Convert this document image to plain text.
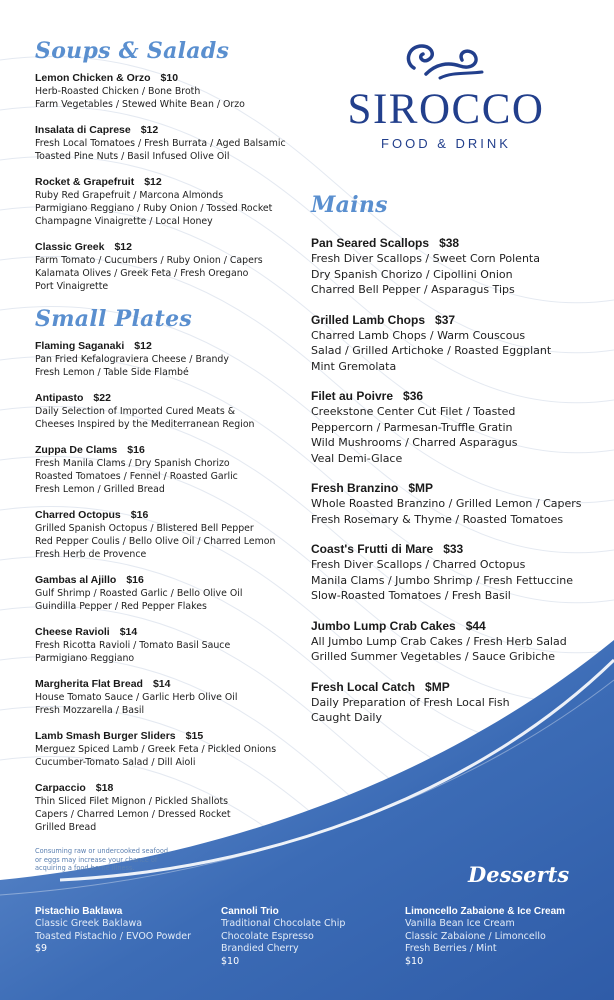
SIROCCO
FOOD & DRINK
Soups & Salads
Lemon Chicken & Orzo $10
Herb-Roasted Chicken / Bone Broth
Farm Vegetables / Stewed White Bean / Orzo
Insalata di Caprese $12
Fresh Local Tomatoes / Fresh Burrata / Aged Balsamic
Toasted Pine Nuts / Basil Infused Olive Oil
Rocket & Grapefruit $12
Ruby Red Grapefruit / Marcona Almonds
Parmigiano Reggiano / Ruby Onion / Tossed Rocket
Champagne Vinaigrette / Local Honey
Classic Greek $12
Farm Tomato / Cucumbers / Ruby Onion / Capers
Kalamata Olives / Greek Feta / Fresh Oregano
Port Vinaigrette
Small Plates
Flaming Saganaki $12
Pan Fried Kefalograviera Cheese / Brandy
Fresh Lemon / Table Side Flambé
Antipasto $22
Daily Selection of Imported Cured Meats &
Cheeses Inspired by the Mediterranean Region
Zuppa De Clams $16
Fresh Manila Clams / Dry Spanish Chorizo
Roasted Tomatoes / Fennel / Roasted Garlic
Fresh Lemon / Grilled Bread
Charred Octopus $16
Grilled Spanish Octopus / Blistered Bell Pepper
Red Pepper Coulis / Bello Olive Oil / Charred Lemon
Fresh Herb de Provence
Gambas al Ajillo $16
Gulf Shrimp / Roasted Garlic / Bello Olive Oil
Guindilla Pepper / Red Pepper Flakes
Cheese Ravioli $14
Fresh Ricotta Ravioli / Tomato Basil Sauce
Parmigiano Reggiano
Margherita Flat Bread $14
House Tomato Sauce / Garlic Herb Olive Oil
Fresh Mozzarella / Basil
Lamb Smash Burger Sliders $15
Merguez Spiced Lamb / Greek Feta / Pickled Onions
Cucumber-Tomato Salad / Dill Aioli
Carpaccio $18
Thin Sliced Filet Mignon / Pickled Shallots
Capers / Charred Lemon / Dressed Rocket
Grilled Bread
Consuming raw or undercooked seafood
or eggs may increase your chance of
acquiring a food borne illness.
Mains
Pan Seared Scallops $38
Fresh Diver Scallops / Sweet Corn Polenta
Dry Spanish Chorizo / Cipollini Onion
Charred Bell Pepper / Asparagus Tips
Grilled Lamb Chops $37
Charred Lamb Chops / Warm Couscous
Salad / Grilled Artichoke / Roasted Eggplant
Mint Gremolata
Filet au Poivre $36
Creekstone Center Cut Filet / Toasted
Peppercorn / Parmesan-Truffle Gratin
Wild Mushrooms / Charred Asparagus
Veal Demi-Glace
Fresh Branzino $MP
Whole Roasted Branzino / Grilled Lemon / Capers
Fresh Rosemary & Thyme / Roasted Tomatoes
Coast's Frutti di Mare $33
Fresh Diver Scallops / Charred Octopus
Manila Clams / Jumbo Shrimp / Fresh Fettuccine
Slow-Roasted Tomatoes / Fresh Basil
Jumbo Lump Crab Cakes $44
All Jumbo Lump Crab Cakes / Fresh Herb Salad
Grilled Summer Vegetables / Sauce Gribiche
Fresh Local Catch $MP
Daily Preparation of Fresh Local Fish
Caught Daily
Desserts
Pistachio Baklawa
Classic Greek Baklawa
Toasted Pistachio / EVOO Powder
$9
Cannoli Trio
Traditional Chocolate Chip
Chocolate Espresso
Brandied Cherry
$10
Limoncello Zabaione & Ice Cream
Vanilla Bean Ice Cream
Classic Zabaione / Limoncello
Fresh Berries / Mint
$10
